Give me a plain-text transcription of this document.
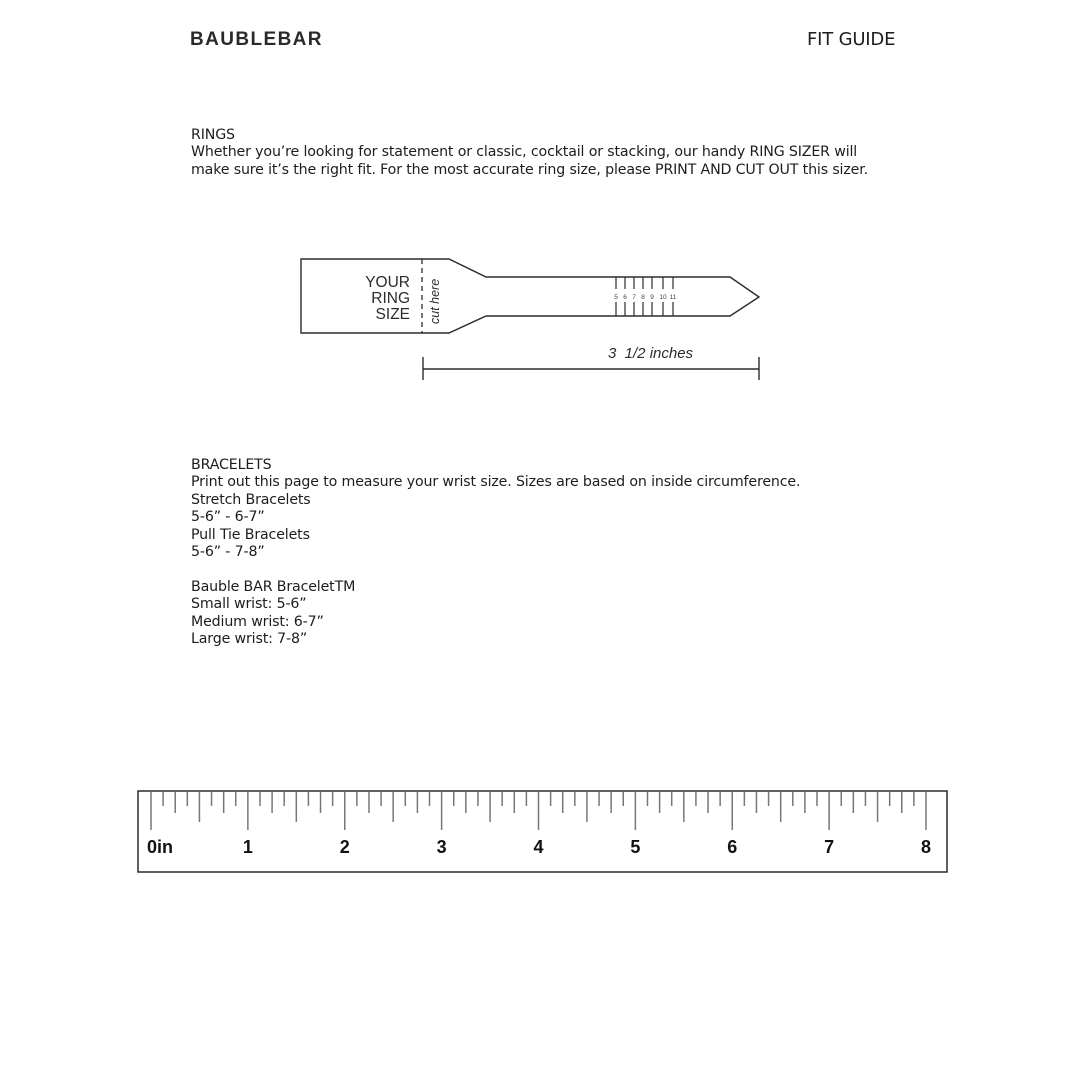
BAUBLEBAR	FIT GUIDE
RINGS
Whether you’re looking for statement or classic, cocktail or stacking, our handy RING SIZER will
make sure it’s the right fit. For the most accurate ring size, please PRINT AND CUT OUT this sizer.
YOUR
RING
SIZE cut here	5 6 7 8 9 10 11
3  1/2 inches
BRACELETS
Print out this page to measure your wrist size. Sizes are based on inside circumference.
Stretch Bracelets
5-6” - 6-7”
Pull Tie Bracelets
5-6” - 7-8”
Bauble BAR BraceletTM
Small wrist: 5-6”
Medium wrist: 6-7”
Large wrist: 7-8”
0in	1	2	3	4	5	6	7	8
